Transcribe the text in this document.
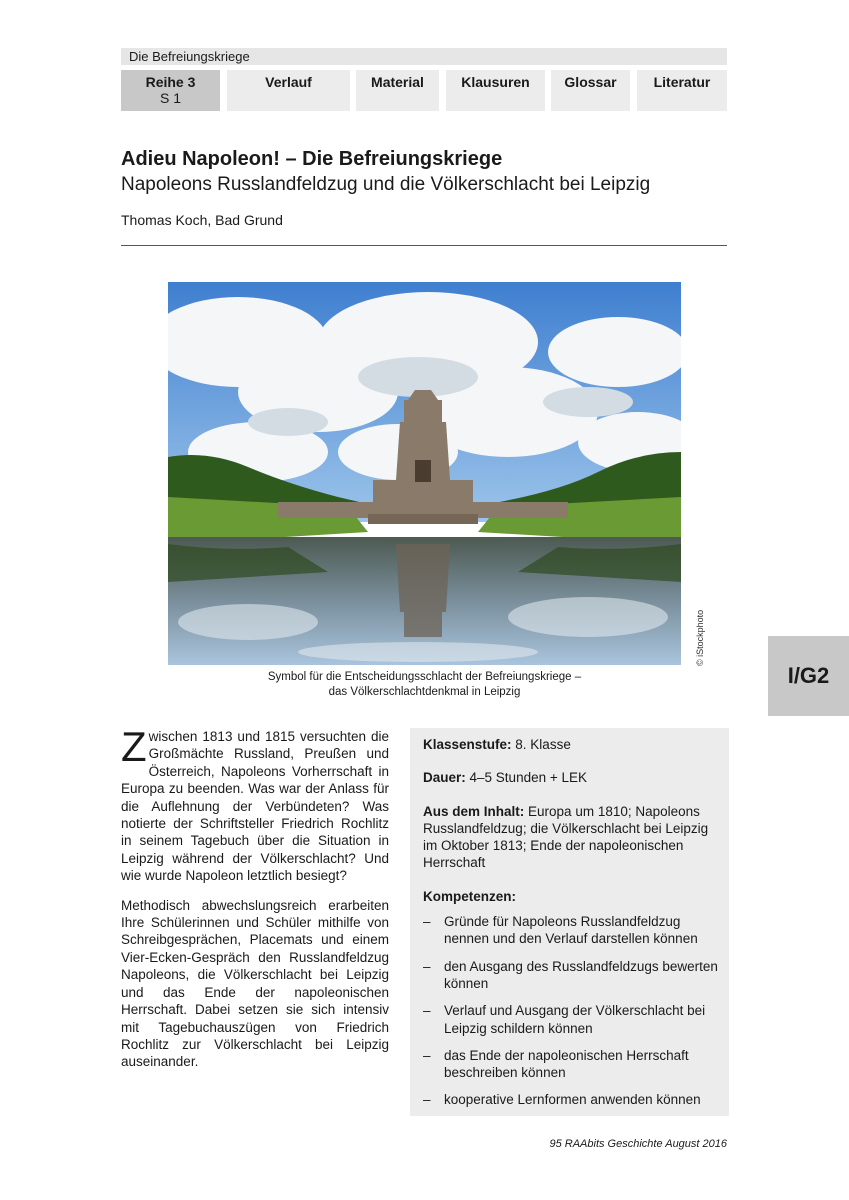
Die Befreiungskriege
Reihe 3
S 1
Verlauf	Material	Klausuren	Glossar	Literatur
Adieu Napoleon! – Die Befreiungskriege
Napoleons Russlandfeldzug und die Völkerschlacht bei Leipzig
Thomas Koch, Bad Grund
© iStockphoto
Symbol für die Entscheidungsschlacht der Befreiungskriege –
das Völkerschlachtdenkmal in Leipzig
I/G2

Zwischen 1813 und 1815 versuchten die Großmächte Russland, Preußen und Österreich, Napoleons Vorherrschaft in Europa zu beenden. Was war der Anlass für die Auflehnung der Verbündeten? Was notierte der Schriftsteller Friedrich Rochlitz in seinem Tagebuch über die Situation in Leipzig während der Völkerschlacht? Und wie wurde Napoleon letztlich besiegt?

Methodisch abwechslungsreich erarbeiten Ihre Schülerinnen und Schüler mithilfe von Schreibgesprächen, Placemats und einem Vier-Ecken-Gespräch den Russlandfeldzug Napoleons, die Völkerschlacht bei Leipzig und das Ende der napoleonischen Herrschaft. Dabei setzen sie sich intensiv mit Tagebuchauszügen von Friedrich Rochlitz zur Völkerschlacht bei Leipzig auseinander.

Klassenstufe: 8. Klasse

Dauer: 4–5 Stunden + LEK

Aus dem Inhalt: Europa um 1810; Napoleons Russlandfeldzug; die Völkerschlacht bei Leipzig im Oktober 1813; Ende der napoleonischen Herrschaft

Kompetenzen:
– Gründe für Napoleons Russlandfeldzug nennen und den Verlauf darstellen können
– den Ausgang des Russlandfeldzugs bewerten können
– Verlauf und Ausgang der Völkerschlacht bei Leipzig schildern können
– das Ende der napoleonischen Herrschaft beschreiben können
– kooperative Lernformen anwenden können
95 RAAbits Geschichte August 2016
